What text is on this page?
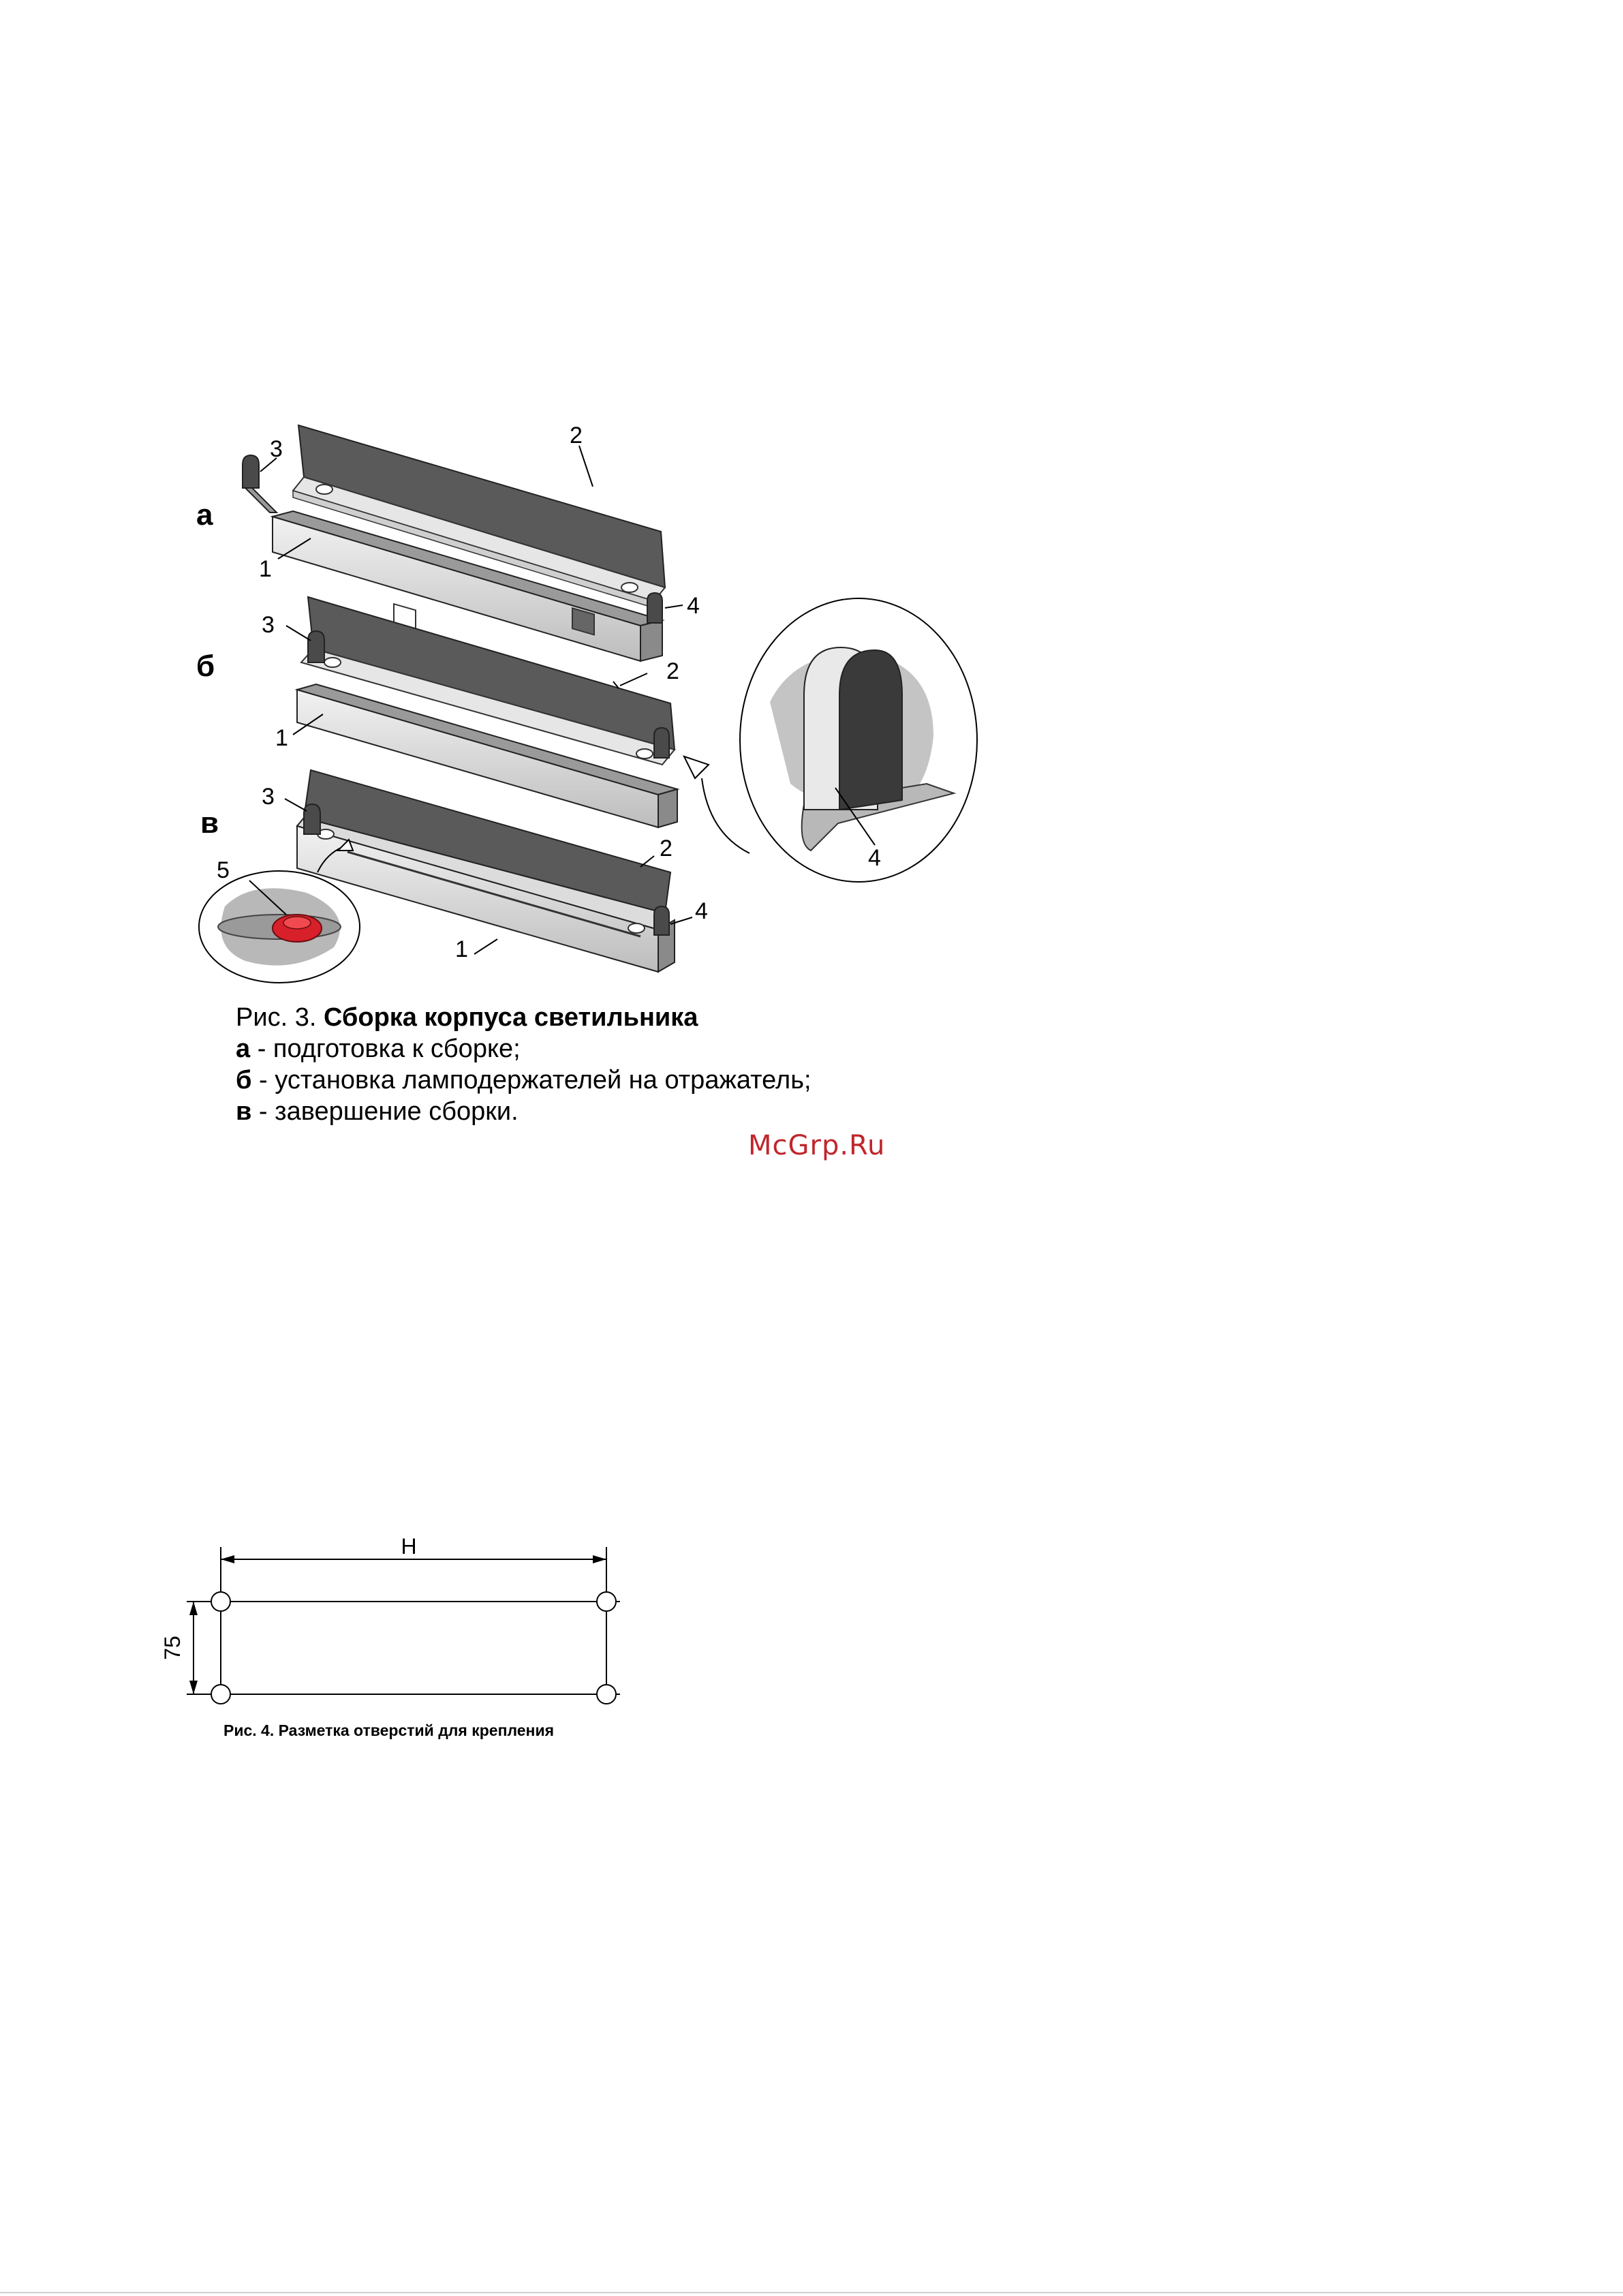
а
б
в
3
2
1
4
3
2
1
3
2
4
1
5	4
Рис. 3. Сборка корпуса светильника
а - подготовка к сборке;
б - установка ламподержателей на отражатель;
в - завершение сборки.
McGrp.Ru
H
75
Рис. 4. Разметка отверстий для крепления
